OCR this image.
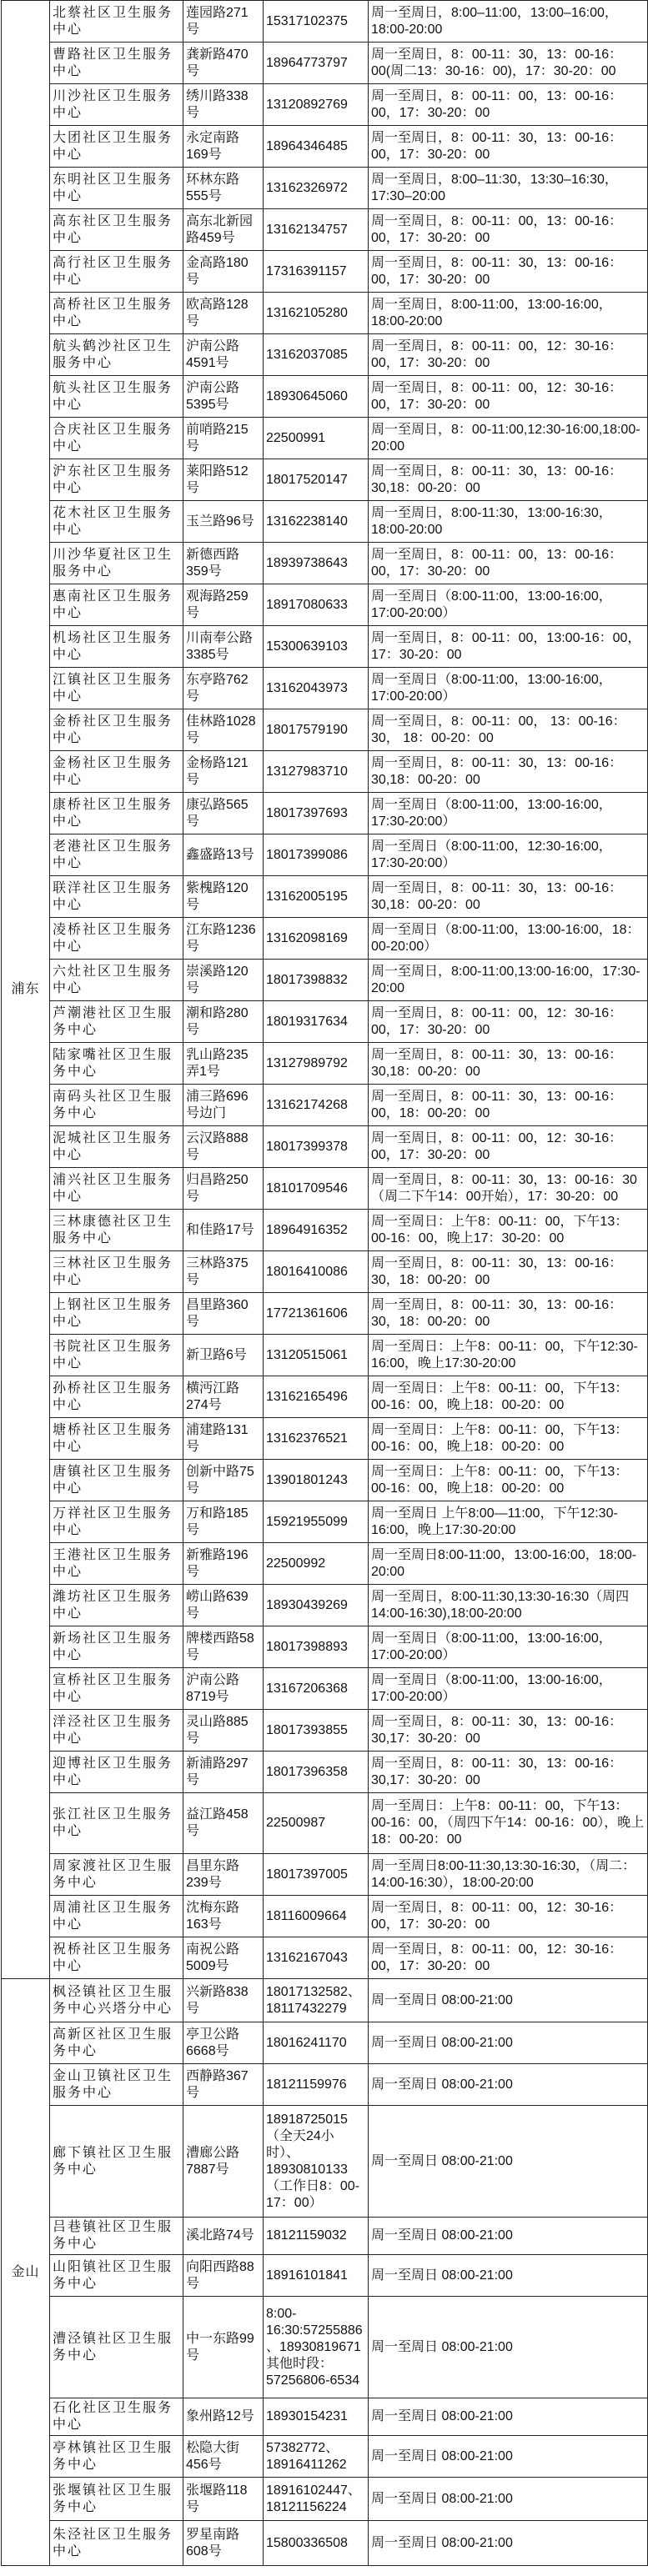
浦东	北蔡社区卫生服务中心	莲园路271号	15317102375	周一至周日，8:00–11:00，13:00–16:00，18:00-20:00
	曹路社区卫生服务中心	龚新路470号	18964773797	周一至周日，8：00-11：30，13：00-16：00(周二13：30-16：00)，17：30-20：00
	川沙社区卫生服务中心	绣川路338号	13120892769	周一至周日，8：00-11：00，13：00-16：00，17：30-20：00
	大团社区卫生服务中心	永定南路169号	18964346485	周一至周日，8：00-11：30，13：00-16：00，17：30-20：00
	东明社区卫生服务中心	环林东路555号	13162326972	周一至周日，8:00–11:30，13:30–16:30，17:30–20:00
	高东社区卫生服务中心	高东北新园路459号	13162134757	周一至周日，8：00-11：00，13：00-16：00，17：30-20：00
	高行社区卫生服务中心	金高路180号	17316391157	周一至周日，8：00-11：30，13：00-16：00，17：30-20：00
	高桥社区卫生服务中心	欧高路128号	13162105280	周一至周日，8:00-11:00，13:00-16:00，18:00-20:00
	航头鹤沙社区卫生服务中心	沪南公路4591号	13162037085	周一至周日，8：00-11：00，12：30-16：00，17：30-20：00
	航头社区卫生服务中心	沪南公路5395号	18930645060	周一至周日，8：00-11：00，12：30-16：00，17：30-20：00
	合庆社区卫生服务中心	前哨路215号	22500991	周一至周日，8：00-11:00,12:30-16:00,18:00-20:00
	沪东社区卫生服务中心	莱阳路512号	18017520147	周一至周日，8：00-11：30，13：00-16：30,18：00-20：00
	花木社区卫生服务中心	玉兰路96号	13162238140	周一至周日，8:00-11:30，13:00-16:30，18:00-20:00
	川沙华夏社区卫生服务中心	新德西路359号	18939738643	周一至周日，8：00-11：00，13：00-16：00，17：30-20：00
	惠南社区卫生服务中心	观海路259号	18917080633	周一至周日（8:00-11:00，13:00-16:00，17:00-20:00）
	机场社区卫生服务中心	川南奉公路3385号	15300639103	周一至周日，8：00-11：00，13:00-16：00，17：30-20：00
	江镇社区卫生服务中心	东亭路762号	13162043973	周一至周日（8:00-11:00，13:00-16:00，17:00-20:00）
	金桥社区卫生服务中心	佳林路1028号	18017579190	周一至周日，8：00-11：00， 13：00-16：30， 18：00-20：00
	金杨社区卫生服务中心	金杨路121号	13127983710	周一至周日，8：00-11：30，13：00-16：30,18：00-20：00
	康桥社区卫生服务中心	康弘路565号	18017397693	周一至周日（8:00-11:00，13:00-16:00，17:30-20:00）
	老港社区卫生服务中心	鑫盛路13号	18017399086	周一至周日（8:00-11:00，12:30-16:00，17:30-20:00）
	联洋社区卫生服务中心	紫槐路120号	13162005195	周一至周日，8：00-11：30，13：00-16：30,18：00-20：00
	凌桥社区卫生服务中心	江东路1236号	13162098169	周一至周日（8:00-11:00，13:00-16:00，18：00-20:00）
	六灶社区卫生服务中心	崇溪路120号	18017398832	周一至周日，8:00-11:00,13:00-16:00，17:30-20:00
	芦潮港社区卫生服务中心	潮和路280号	18019317634	周一至周日，8：00-11：00，12：30-16：00，17：30-20：00
	陆家嘴社区卫生服务中心	乳山路235弄1号	13127989792	周一至周日，8：00-11：30，13：00-16：30,18：00-20：00
	南码头社区卫生服务中心	浦三路696号边门	13162174268	周一至周日，8：00-11：30，13：00-16：00，18：00-20：00
	泥城社区卫生服务中心	云汉路888号	18017399378	周一至周日，8：00-11：00，12：30-16：00，17：30-20：00
	浦兴社区卫生服务中心	归昌路250号	18101709546	周一至周日，8：00-11：30，13：00-16：30（周二下午14：00开始），17：30-20：00
	三林康德社区卫生服务中心	和佳路17号	18964916352	周一至周日：上午8：00-11：00，下午13：00-16：00，晚上17：30-20：00
	三林社区卫生服务中心	三林路375号	18016410086	周一至周日，8：00-11：30，13：00-16：30，18：00-20：00
	上钢社区卫生服务中心	昌里路360号	17721361606	周一至周日，8：00-11：30，13：00-16：30，18：00-20：00
	书院社区卫生服务中心	新卫路6号	13120515061	周一至周日：上午8：00-11：00，下午12:30-16:00，晚上17:30-20:00
	孙桥社区卫生服务中心	横沔江路274号	13162165496	周一至周日：上午8：00-11：00，下午13：00-16：00，晚上18：00-20：00
	塘桥社区卫生服务中心	浦建路131号	13162376521	周一至周日：上午8：00-11：00，下午13：00-16：00，晚上18：00-20：00
	唐镇社区卫生服务中心	创新中路75号	13901801243	周一至周日：上午8：00-11：00，下午13：00-16：00，晚上18：00-20：00
	万祥社区卫生服务中心	万和路185号	15921955099	周一至周日 上午8:00—11:00，下午12:30-16:00，晚上17:30-20:00
	王港社区卫生服务中心	新雅路196号	22500992	周一至周日8:00-11:00，13:00-16:00，18:00-20:00
	潍坊社区卫生服务中心	崂山路639号	18930439269	周一至周日，8:00-11:30,13:30-16:30（周四14:00-16:30),18:00-20:00
	新场社区卫生服务中心	牌楼西路58号	18017398893	周一至周日（8:00-11:00，13:00-16:00，17:00-20:00）
	宣桥社区卫生服务中心	沪南公路8719号	13167206368	周一至周日（8:00-11:00，13:00-16:00，17:00-20:00）
	洋泾社区卫生服务中心	灵山路885号	18017393855	周一至周日，8：00-11：30，13：00-16：30,17：30-20：00
	迎博社区卫生服务中心	新浦路297号	18017396358	周一至周日，8：00-11：30，13：00-16：30,17：30-20：00
	张江社区卫生服务中心	益江路458号	22500987	周一至周日：上午8：00-11：00，下午13：00-16：00，（周四下午14：00-16：00），晚上18：00-20：00
	周家渡社区卫生服务中心	昌里东路239号	18017397005	周一至周日8:00-11:30,13:30-16:30，（周二：14:00-16:30），18:00-20:00
	周浦社区卫生服务中心	沈梅东路163号	18116009664	周一至周日，8：00-11：00，12：30-16：00，17：30-20：00
	祝桥社区卫生服务中心	南祝公路5009号	13162167043	周一至周日，8：00-11：00，12：30-16：00，17：30-20：00
金山	枫泾镇社区卫生服务中心兴塔分中心	兴新路838号	18017132582、18117432279	周一至周日 08:00-21:00
	高新区社区卫生服务中心	亭卫公路6668号	18016241170	周一至周日 08:00-21:00
	金山卫镇社区卫生服务中心	西静路367号	18121159976	周一至周日 08:00-21:00
	廊下镇社区卫生服务中心	漕廊公路7887号	18918725015（全天24小时）、18930810133（工作日8：00-17：00）	周一至周日 08:00-21:00
	吕巷镇社区卫生服务中心	溪北路74号	18121159032	周一至周日 08:00-21:00
	山阳镇社区卫生服务中心	向阳西路88号	18916101841	周一至周日 08:00-21:00
	漕泾镇社区卫生服务中心	中一东路99号	8:00-16:30:57255886、18930819671其他时段：57256806-6534	周一至周日 08:00-21:00
	石化社区卫生服务中心	象州路12号	18930154231	周一至周日 08:00-21:00
	亭林镇社区卫生服务中心	松隐大街456号	57382772、18916411262	周一至周日 08:00-21:00
	张堰镇社区卫生服务中心	张堰路118号	18916102447、18121156224	周一至周日 08:00-21:00
	朱泾社区卫生服务中心	罗星南路608号	15800336508	周一至周日 08:00-21:00
